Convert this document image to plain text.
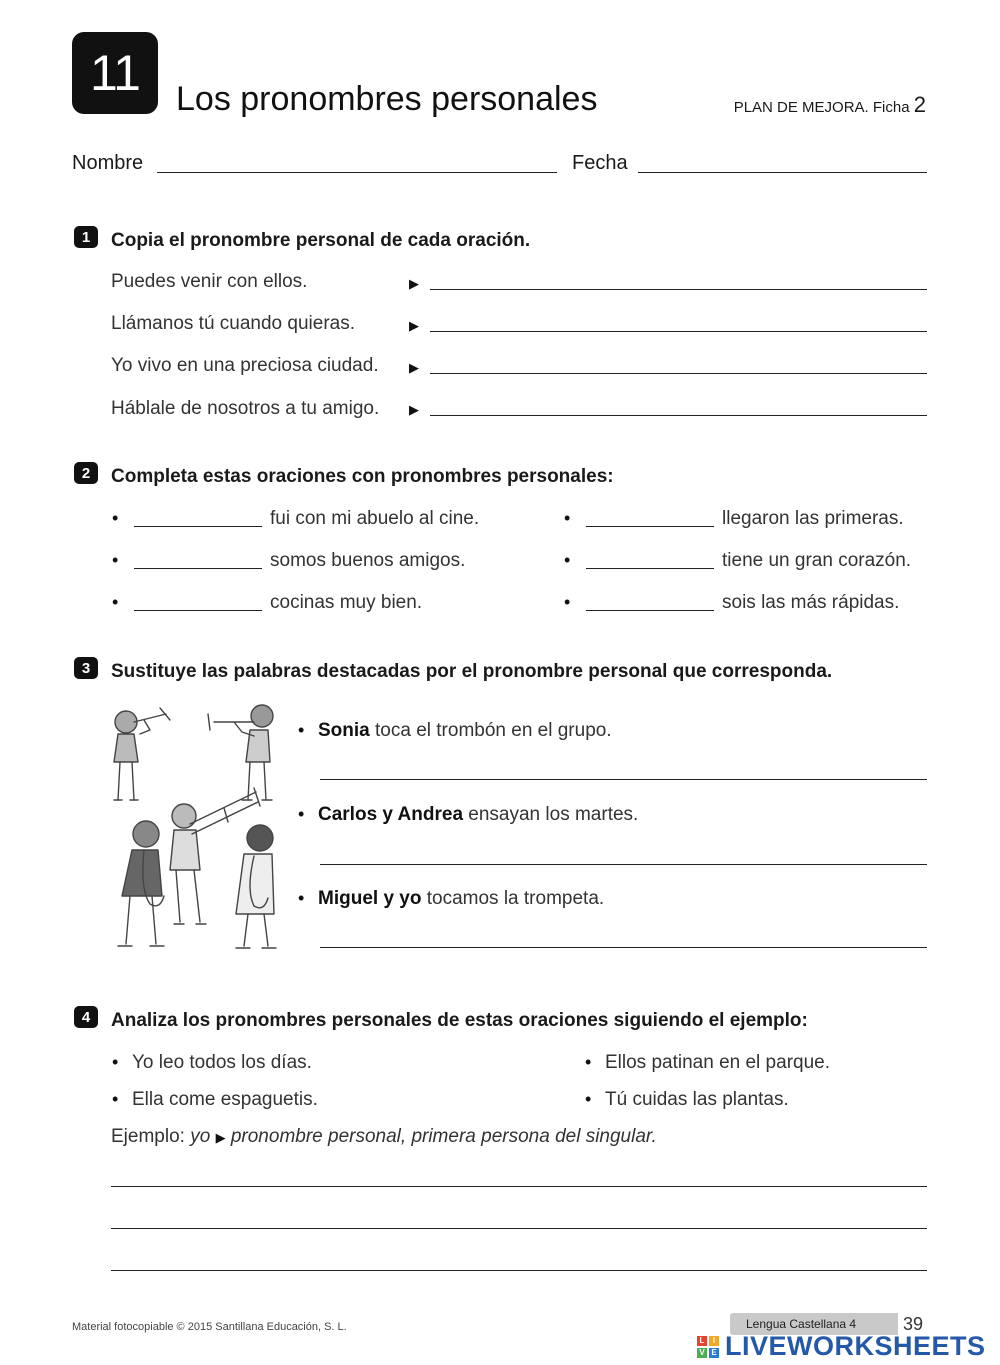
11 Los pronombres personales	PLAN DE MEJORA. Ficha 2
Nombre	Fecha
1	Copia el pronombre personal de cada oración.
Puedes venir con ellos.	▶
Llámanos tú cuando quieras.	▶
Yo vivo en una preciosa ciudad. ▶
Háblale de nosotros a tu amigo. ▶
2	Completa estas oraciones con pronombres personales:
•	fui con mi abuelo al cine.
•	somos buenos amigos.
•	cocinas muy bien.
•	llegaron las primeras.
•	tiene un gran corazón.
•	sois las más rápidas.
3	Sustituye las palabras destacadas por el pronombre personal que corresponda.
• Sonia toca el trombón en el grupo.
• Carlos y Andrea ensayan los martes.
• Miguel y yo tocamos la trompeta.
4	Analiza los pronombres personales de estas oraciones siguiendo el ejemplo:
• Yo leo todos los días.
• Ella come espaguetis.
• Ellos patinan en el parque.
• Tú cuidas las plantas.
Ejemplo: yo ▶ pronombre personal, primera persona del singular.
Material fotocopiable © 2015 Santillana Educación, S. L.	Lengua Castellana 4	39
L	I
V E LIVEWORKSHEETS
